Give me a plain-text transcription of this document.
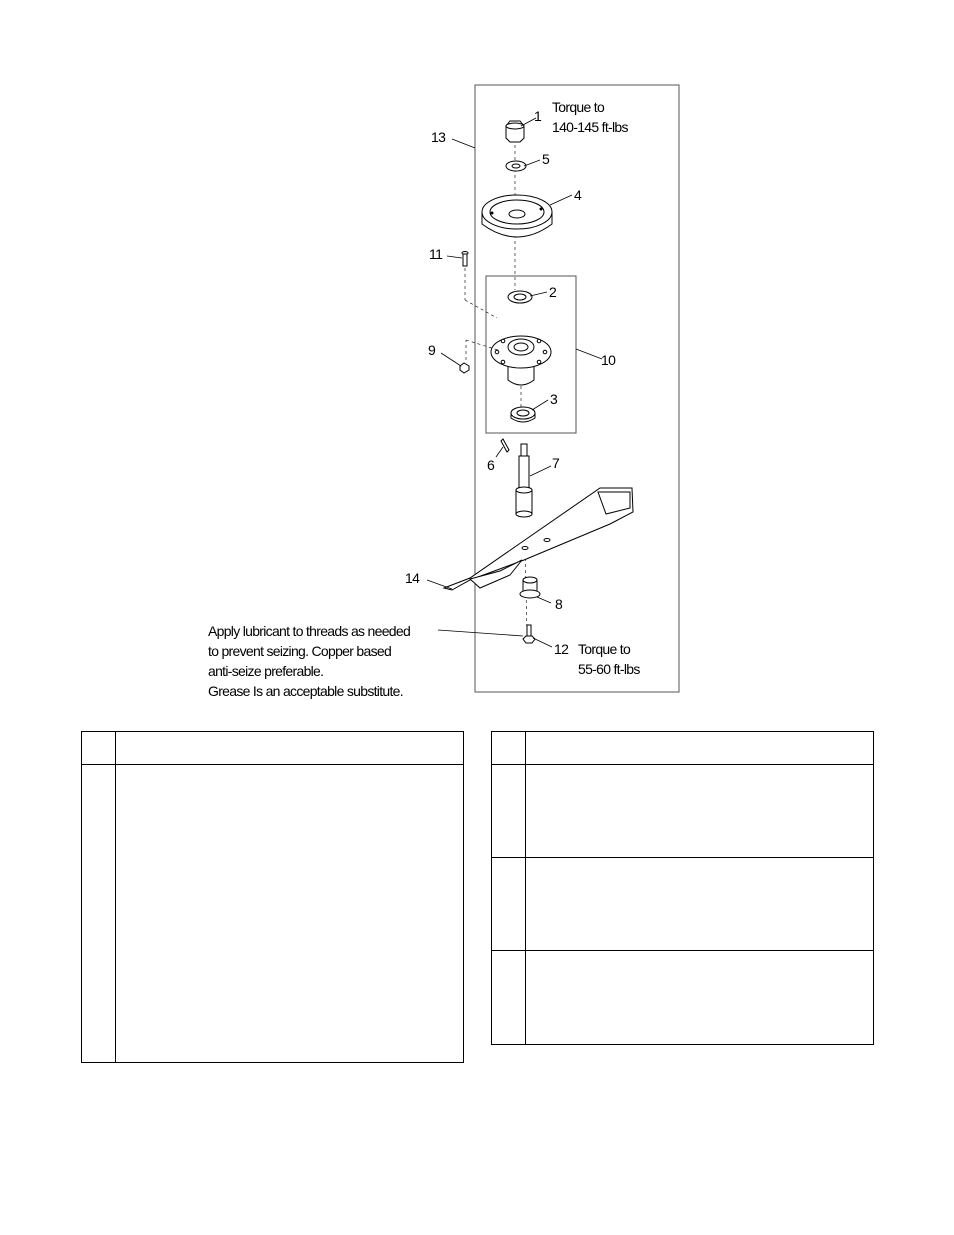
1
2
3
4
5
6	7
8
9
10
11
12
13
14
Torque to
140-145 ft-lbs
Torque to
55-60 ft-lbs
Apply lubricant to threads as needed
to prevent seizing. Copper based
anti-seize preferable.
Grease Is an acceptable substitute.
